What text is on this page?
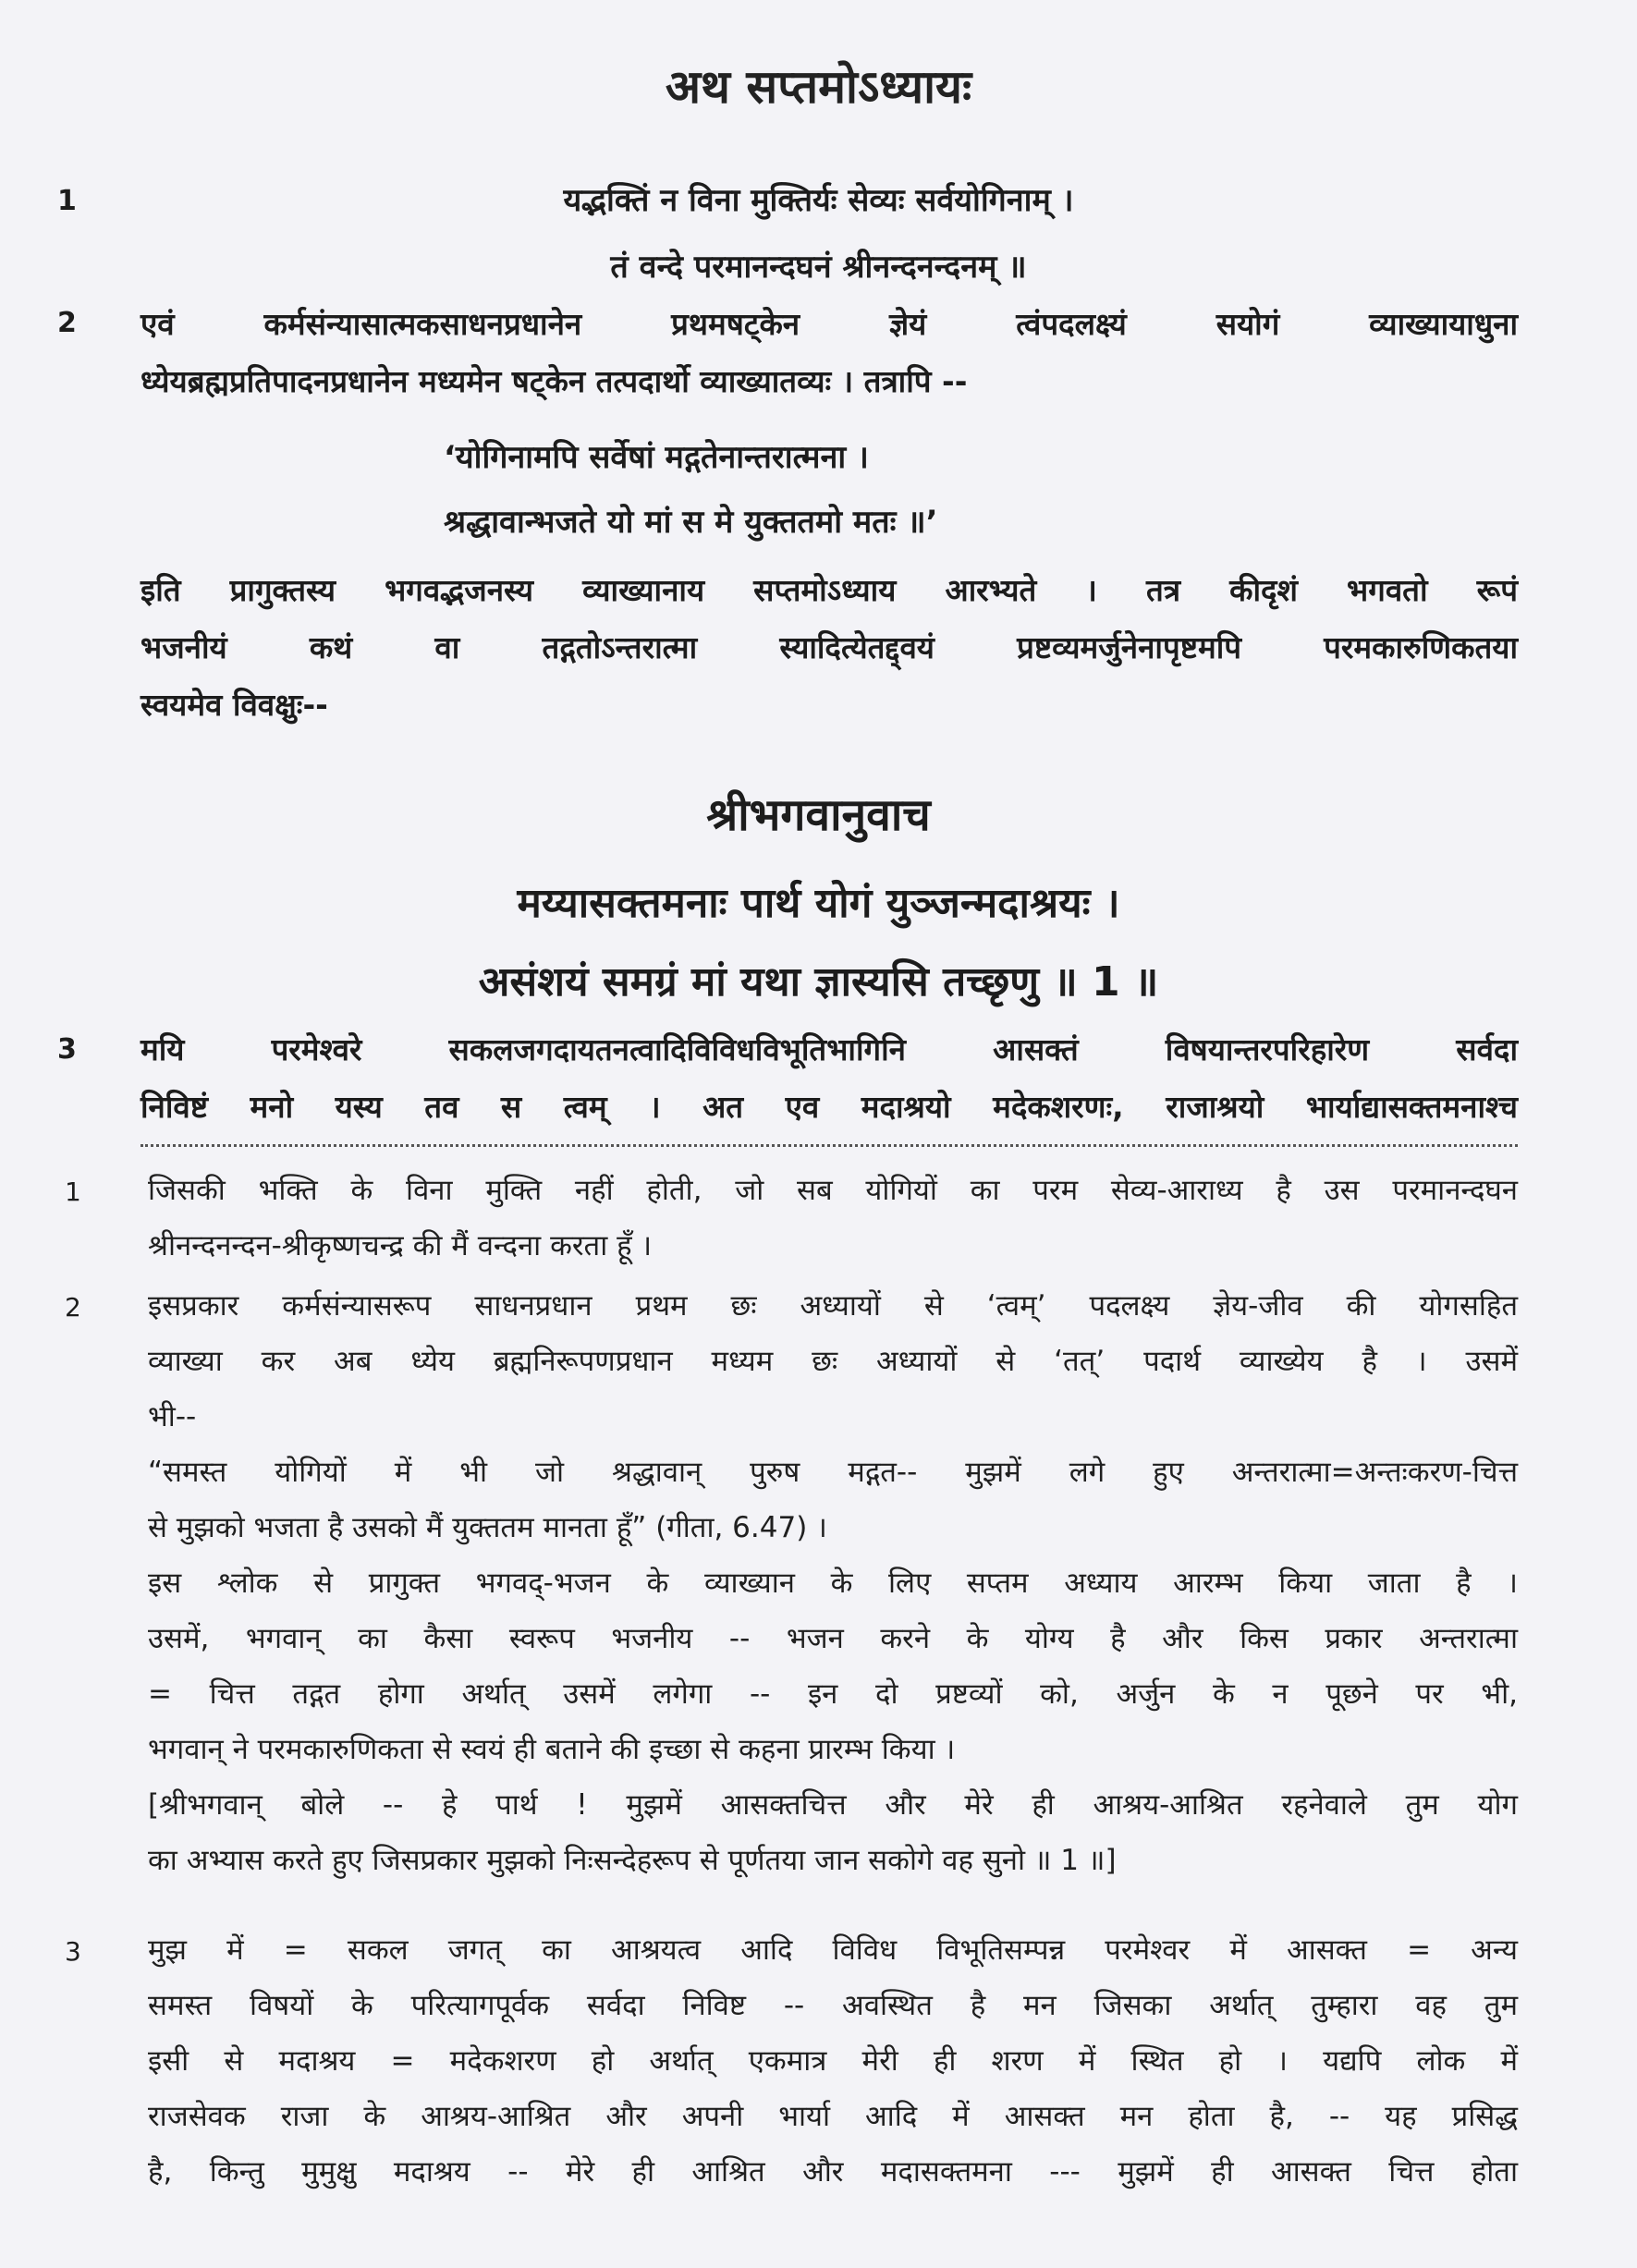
अथ सप्तमोऽध्यायः
1	यद्भक्तिं न विना मुक्तिर्यः सेव्यः सर्वयोगिनाम् ।
तं वन्दे परमानन्दघनं श्रीनन्दनन्दनम् ॥
2	एवं कर्मसंन्यासात्मकसाधनप्रधानेन प्रथमषट्केन ज्ञेयं त्वंपदलक्ष्यं सयोगं व्याख्यायाधुना
ध्येयब्रह्मप्रतिपादनप्रधानेन मध्यमेन षट्केन तत्पदार्थो व्याख्यातव्यः । तत्रापि --
‘योगिनामपि सर्वेषां मद्गतेनान्तरात्मना ।
श्रद्धावान्भजते यो मां स मे युक्ततमो मतः ॥’
इति प्रागुक्तस्य भगवद्भजनस्य व्याख्यानाय सप्तमोऽध्याय आरभ्यते । तत्र कीदृशं भगवतो रूपं
भजनीयं कथं वा तद्गतोऽन्तरात्मा स्यादित्येतद्द्वयं प्रष्टव्यमर्जुनेनापृष्टमपि परमकारुणिकतया
स्वयमेव विवक्षुः--
श्रीभगवानुवाच
मय्यासक्तमनाः पार्थ योगं युञ्जन्मदाश्रयः ।
असंशयं समग्रं मां यथा ज्ञास्यसि तच्छृणु ॥ 1 ॥
3	मयि परमेश्वरे सकलजगदायतनत्वादिविविधविभूतिभागिनि आसक्तं विषयान्तरपरिहारेण सर्वदा
निविष्टं मनो यस्य तव स त्वम् । अत एव मदाश्रयो मदेकशरणः, राजाश्रयो भार्याद्यासक्तमनाश्च
1	जिसकी भक्ति के विना मुक्ति नहीं होती, जो सब योगियों का परम सेव्य-आराध्य है उस परमानन्दघन
श्रीनन्दनन्दन-श्रीकृष्णचन्द्र की मैं वन्दना करता हूँ ।
2	इसप्रकार कर्मसंन्यासरूप साधनप्रधान प्रथम छः अध्यायों से ‘त्वम्’ पदलक्ष्य ज्ञेय-जीव की योगसहित
व्याख्या कर अब ध्येय ब्रह्मनिरूपणप्रधान मध्यम छः अध्यायों से ‘तत्’ पदार्थ व्याख्येय है । उसमें
भी--
“समस्त योगियों में भी जो श्रद्धावान् पुरुष मद्गत-- मुझमें लगे हुए अन्तरात्मा=अन्तःकरण-चित्त
से मुझको भजता है उसको मैं युक्ततम मानता हूँ” (गीता, 6.47) ।
इस श्लोक से प्रागुक्त भगवद्-भजन के व्याख्यान के लिए सप्तम अध्याय आरम्भ किया जाता है ।
उसमें, भगवान् का कैसा स्वरूप भजनीय -- भजन करने के योग्य है और किस प्रकार अन्तरात्मा
= चित्त तद्गत होगा अर्थात् उसमें लगेगा -- इन दो प्रष्टव्यों को, अर्जुन के न पूछने पर भी,
भगवान् ने परमकारुणिकता से स्वयं ही बताने की इच्छा से कहना प्रारम्भ किया ।
[श्रीभगवान् बोले -- हे पार्थ ! मुझमें आसक्तचित्त और मेरे ही आश्रय-आश्रित रहनेवाले तुम योग
का अभ्यास करते हुए जिसप्रकार मुझको निःसन्देहरूप से पूर्णतया जान सकोगे वह सुनो ॥ 1 ॥]
3	मुझ में = सकल जगत् का आश्रयत्व आदि विविध विभूतिसम्पन्न परमेश्वर में आसक्त = अन्य
समस्त विषयों के परित्यागपूर्वक सर्वदा निविष्ट -- अवस्थित है मन जिसका अर्थात् तुम्हारा वह तुम
इसी से मदाश्रय = मदेकशरण हो अर्थात् एकमात्र मेरी ही शरण में स्थित हो । यद्यपि लोक में
राजसेवक राजा के आश्रय-आश्रित और अपनी भार्या आदि में आसक्त मन होता है, -- यह प्रसिद्ध
है, किन्तु मुमुक्षु मदाश्रय -- मेरे ही आश्रित और मदासक्तमना --- मुझमें ही आसक्त चित्त होता
